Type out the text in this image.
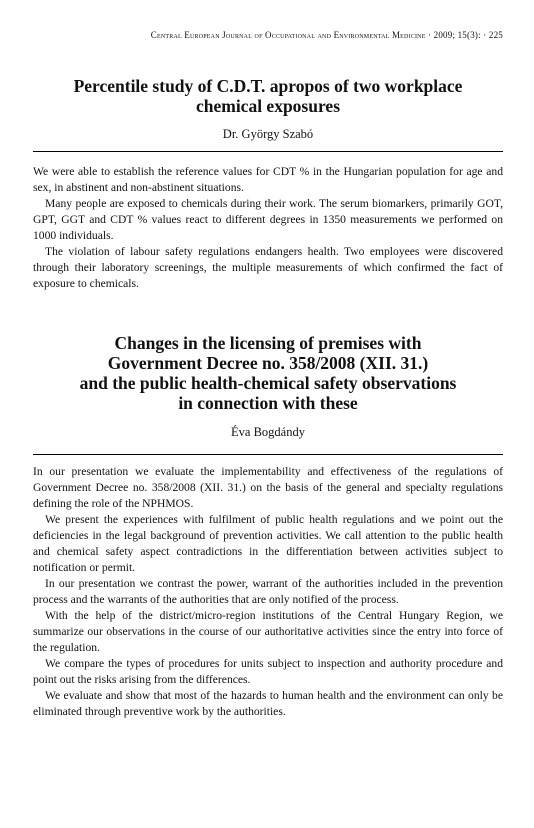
Central European Journal of Occupational and Environmental Medicine · 2009; 15(3): · 225
Percentile study of C.D.T. apropos of two workplace
chemical exposures
Dr. György Szabó

We were able to establish the reference values for CDT % in the Hungarian population for age and sex, in abstinent and non-abstinent situations.

Many people are exposed to chemicals during their work. The serum biomarkers, primarily GOT, GPT, GGT and CDT % values react to different degrees in 1350 measurements we performed on 1000 individuals.

The violation of labour safety regulations endangers health. Two employees were discovered through their laboratory screenings, the multiple measurements of which confirmed the fact of exposure to chemicals.

Changes in the licensing of premises with
Government Decree no. 358/2008 (XII. 31.)
and the public health-chemical safety observations
in connection with these
Éva Bogdándy

In our presentation we evaluate the implementability and effectiveness of the regulations of Government Decree no. 358/2008 (XII. 31.) on the basis of the general and specialty regulations defining the role of the NPHMOS.

We present the experiences with fulfilment of public health regulations and we point out the deficiencies in the legal background of prevention activities. We call attention to the public health and chemical safety aspect contradictions in the differentiation between activities subject to notification or permit.

In our presentation we contrast the power, warrant of the authorities included in the prevention process and the warrants of the authorities that are only notified of the process.

With the help of the district/micro-region institutions of the Central Hungary Region, we summarize our observations in the course of our authoritative activities since the entry into force of the regulation.

We compare the types of procedures for units subject to inspection and authority procedure and point out the risks arising from the differences.

We evaluate and show that most of the hazards to human health and the environment can only be eliminated through preventive work by the authorities.
